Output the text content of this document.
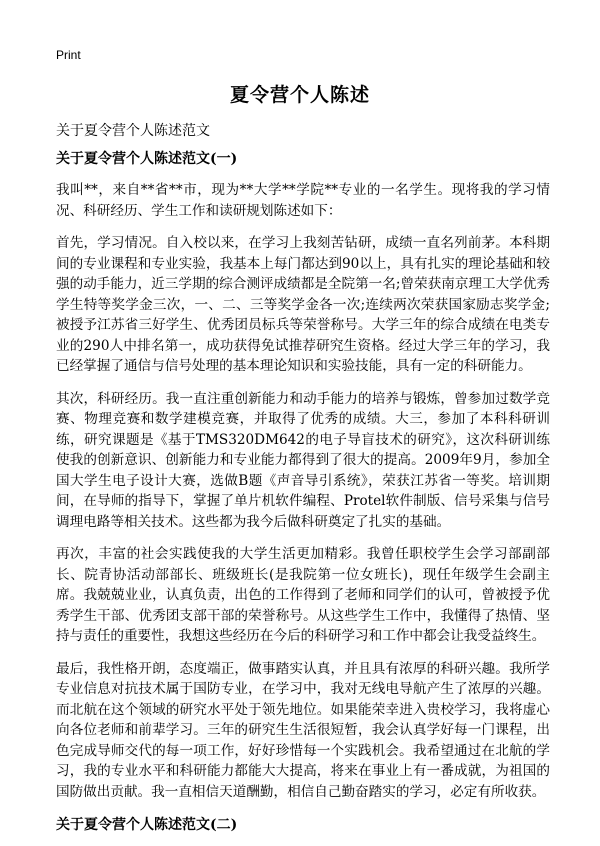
Print
夏令营个人陈述

关于夏令营个人陈述范文

关于夏令营个人陈述范文(一)

我叫**，来自**省**市，现为**大学**学院**专业的一名学生。现将我的学习情况、科研经历、学生工作和读研规划陈述如下：

首先，学习情况。自入校以来，在学习上我刻苦钻研，成绩一直名列前茅。本科期间的专业课程和专业实验，我基本上每门都达到90以上，具有扎实的理论基础和较强的动手能力，近三学期的综合测评成绩都是全院第一名;曾荣获南京理工大学优秀学生特等奖学金三次，一、二、三等奖学金各一次;连续两次荣获国家励志奖学金;被授予江苏省三好学生、优秀团员标兵等荣誉称号。大学三年的综合成绩在电类专业的290人中排名第一，成功获得免试推荐研究生资格。经过大学三年的学习，我已经掌握了通信与信号处理的基本理论知识和实验技能，具有一定的科研能力。

其次，科研经历。我一直注重创新能力和动手能力的培养与锻炼，曾参加过数学竞赛、物理竞赛和数学建模竞赛，并取得了优秀的成绩。大三，参加了本科科研训练，研究课题是《基于TMS320DM642的电子导盲技术的研究》，这次科研训练使我的创新意识、创新能力和专业能力都得到了很大的提高。2009年9月，参加全国大学生电子设计大赛，选做B题《声音导引系统》，荣获江苏省一等奖。培训期间，在导师的指导下，掌握了单片机软件编程、Protel软件制版、信号采集与信号调理电路等相关技术。这些都为我今后做科研奠定了扎实的基础。

再次，丰富的社会实践使我的大学生活更加精彩。我曾任职校学生会学习部副部长、院青协活动部部长、班级班长(是我院第一位女班长)，现任年级学生会副主席。我兢兢业业，认真负责，出色的工作得到了老师和同学们的认可，曾被授予优秀学生干部、优秀团支部干部的荣誉称号。从这些学生工作中，我懂得了热情、坚持与责任的重要性，我想这些经历在今后的科研学习和工作中都会让我受益终生。

最后，我性格开朗，态度端正，做事踏实认真，并且具有浓厚的科研兴趣。我所学专业信息对抗技术属于国防专业，在学习中，我对无线电导航产生了浓厚的兴趣。而北航在这个领域的研究水平处于领先地位。如果能荣幸进入贵校学习，我将虚心向各位老师和前辈学习。三年的研究生生活很短暂，我会认真学好每一门课程，出色完成导师交代的每一项工作，好好珍惜每一个实践机会。我希望通过在北航的学习，我的专业水平和科研能力都能大大提高，将来在事业上有一番成就，为祖国的国防做出贡献。我一直相信天道酬勤，相信自己勤奋踏实的学习，必定有所收获。

关于夏令营个人陈述范文(二)
